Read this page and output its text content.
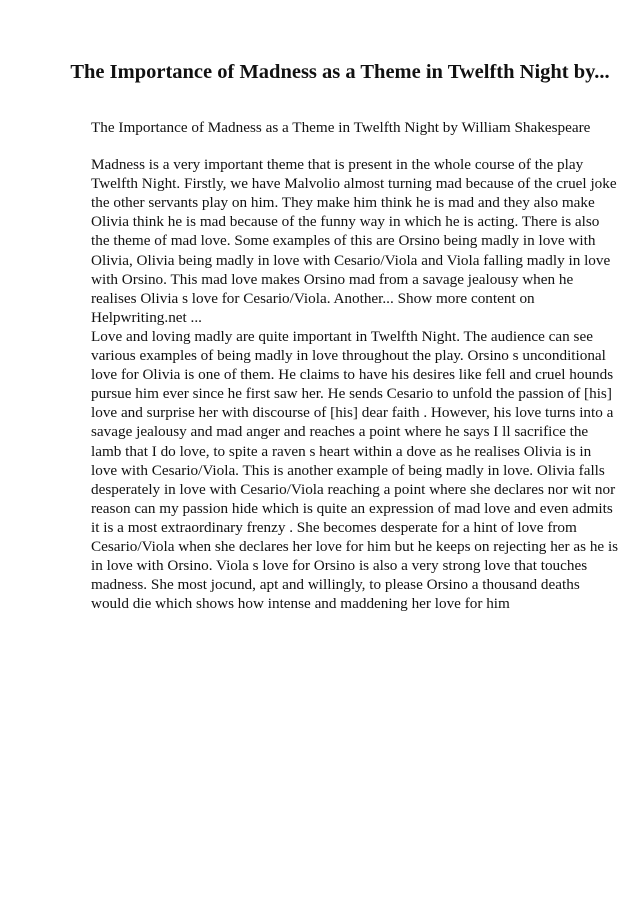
The Importance of Madness as a Theme in Twelfth Night by...

The Importance of Madness as a Theme in Twelfth Night by William Shakespeare

Madness is a very important theme that is present in the whole course of the play Twelfth Night. Firstly, we have Malvolio almost turning mad because of the cruel joke the other servants play on him. They make him think he is mad and they also make Olivia think he is mad because of the funny way in which he is acting. There is also the theme of mad love. Some examples of this are Orsino being madly in love with Olivia, Olivia being madly in love with Cesario/Viola and Viola falling madly in love with Orsino. This mad love makes Orsino mad from a savage jealousy when he realises Olivia s love for Cesario/Viola. Another... Show more content on Helpwriting.net ...

Love and loving madly are quite important in Twelfth Night. The audience can see various examples of being madly in love throughout the play. Orsino s unconditional love for Olivia is one of them. He claims to have his desires like fell and cruel hounds pursue him ever since he first saw her. He sends Cesario to unfold the passion of [his] love and surprise her with discourse of [his] dear faith . However, his love turns into a savage jealousy and mad anger and reaches a point where he says I ll sacrifice the lamb that I do love, to spite a raven s heart within a dove as he realises Olivia is in love with Cesario/Viola. This is another example of being madly in love. Olivia falls desperately in love with Cesario/Viola reaching a point where she declares nor wit nor reason can my passion hide which is quite an expression of mad love and even admits it is a most extraordinary frenzy . She becomes desperate for a hint of love from Cesario/Viola when she declares her love for him but he keeps on rejecting her as he is in love with Orsino. Viola s love for Orsino is also a very strong love that touches madness. She most jocund, apt and willingly, to please Orsino a thousand deaths would die which shows how intense and maddening her love for him
